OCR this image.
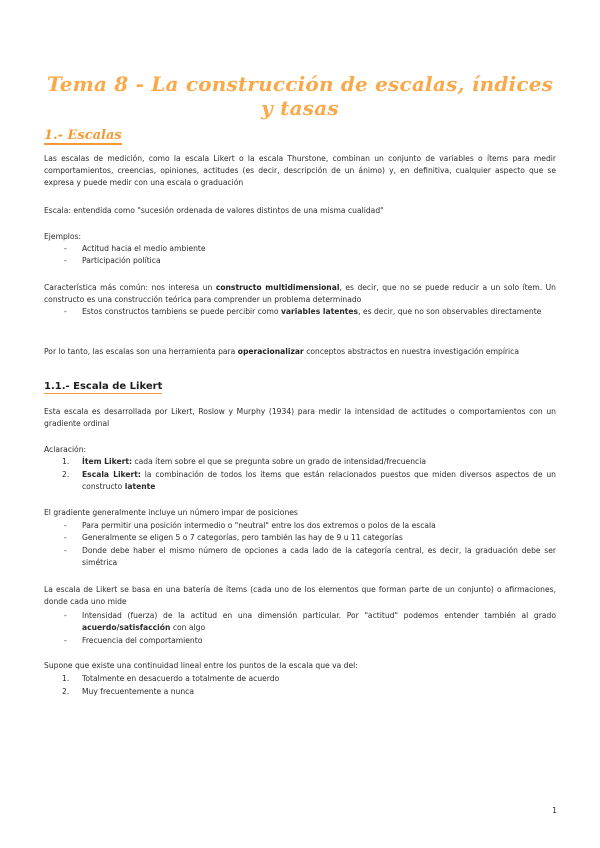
Tema 8 - La construcción de escalas, índices y tasas
1.- Escalas
Las escalas de medición, como la escala Likert o la escala Thurstone, combinan un conjunto de variables o ítems para medir comportamientos, creencias, opiniones, actitudes (es decir, descripción de un ánimo) y, en definitiva, cualquier aspecto que se expresa y puede medir con una escala o graduación
Escala: entendida como "sucesión ordenada de valores distintos de una misma cualidad"
Ejemplos:
- Actitud hacia el medio ambiente
- Participación política
Característica más común: nos interesa un constructo multidimensional, es decir, que no se puede reducir a un solo ítem. Un constructo es una construcción teórica para comprender un problema determinado
- Estos constructos tambiens se puede percibir como variables latentes, es decir, que no son observables directamente
Por lo tanto, las escalas son una herramienta para operacionalizar conceptos abstractos en nuestra investigación empírica
1.1.- Escala de Likert
Esta escala es desarrollada por Likert, Roslow y Murphy (1934) para medir la intensidad de actitudes o comportamientos con un gradiente ordinal
Aclaración:
1. Ítem Likert: cada ítem sobre el que se pregunta sobre un grado de intensidad/frecuencia
2. Escala Likert: la combinación de todos los ítems que están relacionados puestos que miden diversos aspectos de un constructo latente
El gradiente generalmente incluye un número impar de posiciones
- Para permitir una posición intermedio o "neutral" entre los dos extremos o polos de la escala
- Generalmente se eligen 5 o 7 categorías, pero también las hay de 9 u 11 categorías
- Donde debe haber el mismo número de opciones a cada lado de la categoría central, es decir, la graduación debe ser simétrica
La escala de Likert se basa en una batería de ítems (cada uno de los elementos que forman parte de un conjunto) o afirmaciones, donde cada uno mide
- Intensidad (fuerza) de la actitud en una dimensión particular. Por "actitud" podemos entender también al grado acuerdo/satisfacción con algo
- Frecuencia del comportamiento
Supone que existe una continuidad lineal entre los puntos de la escala que va del:
1. Totalmente en desacuerdo a totalmente de acuerdo
2. Muy frecuentemente a nunca
1
